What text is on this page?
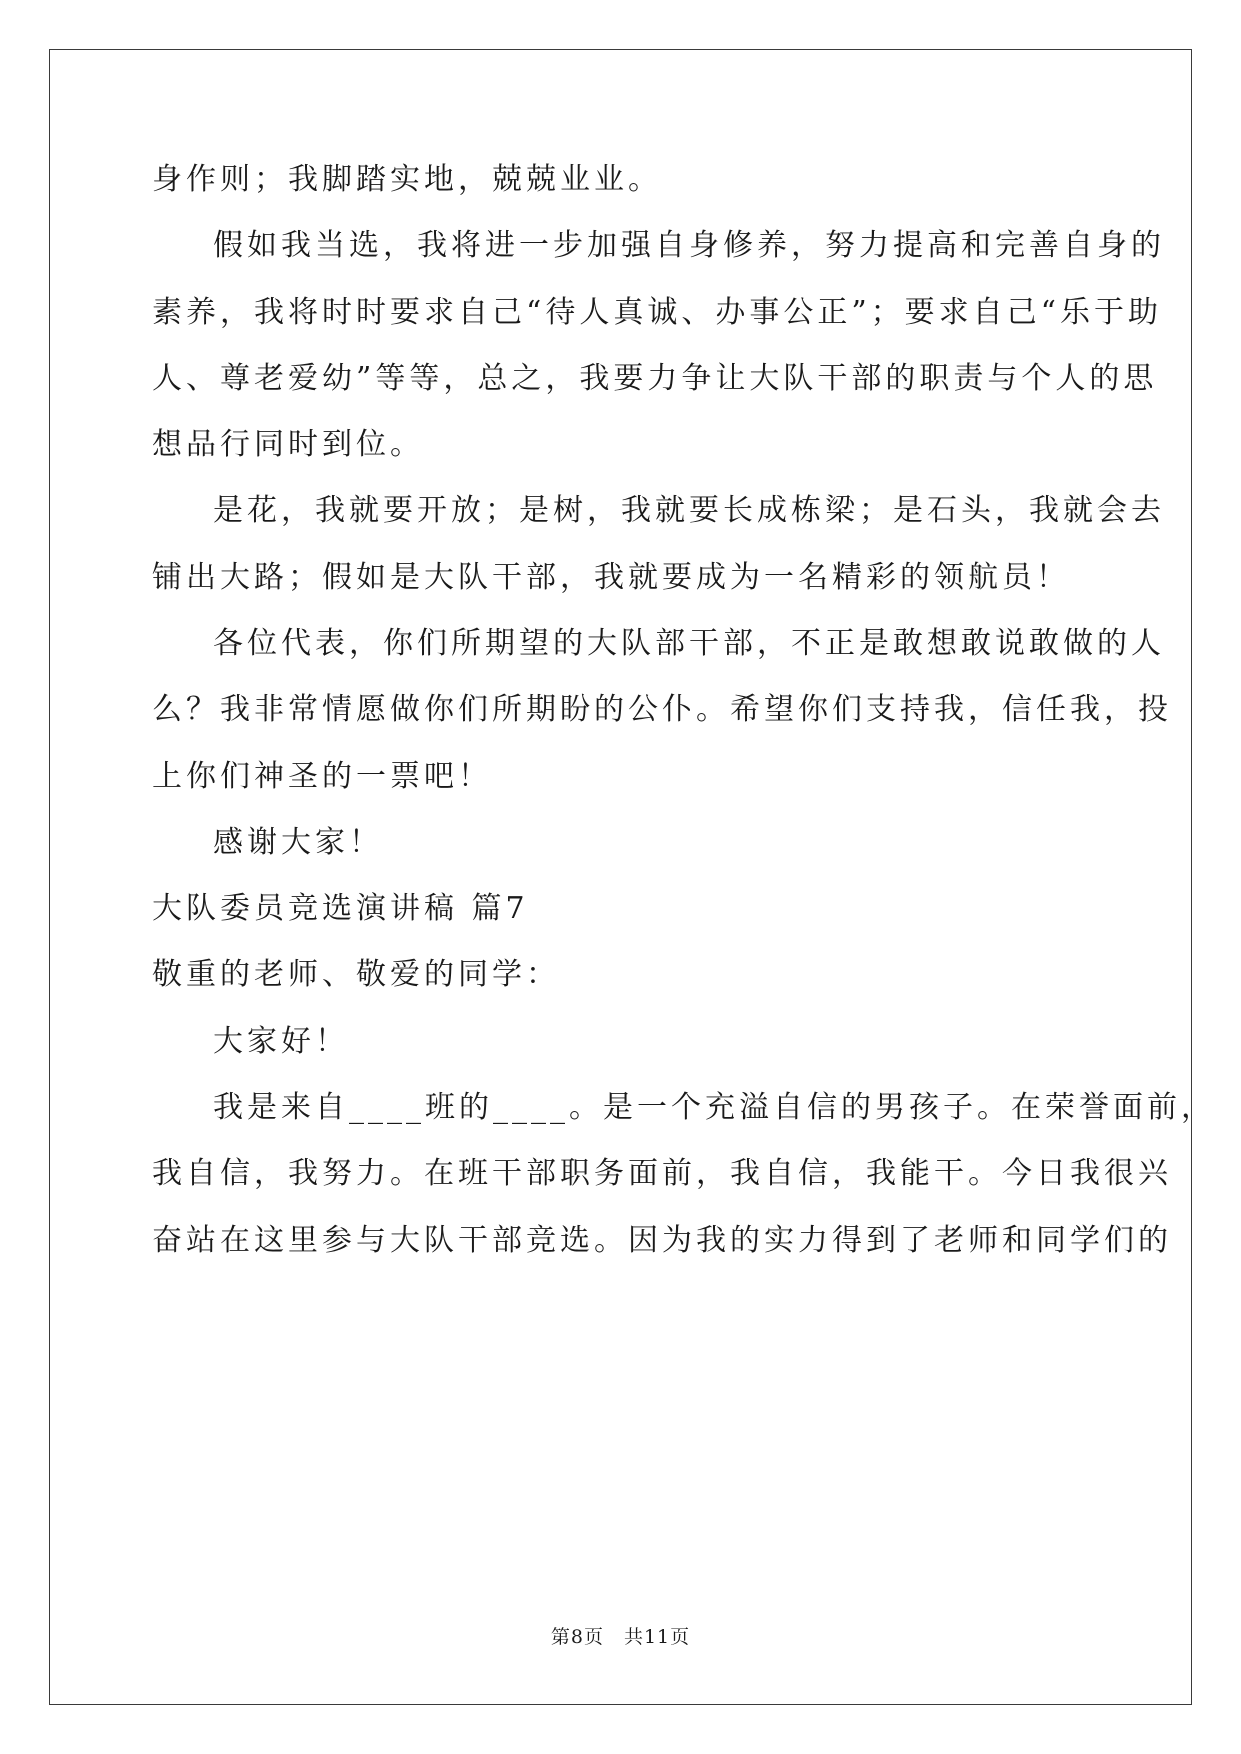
身作则；我脚踏实地，兢兢业业。
假如我当选，我将进一步加强自身修养，努力提高和完善自身的
素养，我将时时要求自己“待人真诚、办事公正”；要求自己“乐于助
人、尊老爱幼”等等，总之，我要力争让大队干部的职责与个人的思
想品行同时到位。
是花，我就要开放；是树，我就要长成栋梁；是石头，我就会去
铺出大路；假如是大队干部，我就要成为一名精彩的领航员！
各位代表，你们所期望的大队部干部，不正是敢想敢说敢做的人
么？我非常情愿做你们所期盼的公仆。希望你们支持我，信任我，投
上你们神圣的一票吧！
感谢大家！
大队委员竞选演讲稿 篇7
敬重的老师、敬爱的同学：
大家好！
我是来自____班的____。是一个充溢自信的男孩子。在荣誉面前，
我自信，我努力。在班干部职务面前，我自信，我能干。今日我很兴
奋站在这里参与大队干部竞选。因为我的实力得到了老师和同学们的
第8页　共11页
